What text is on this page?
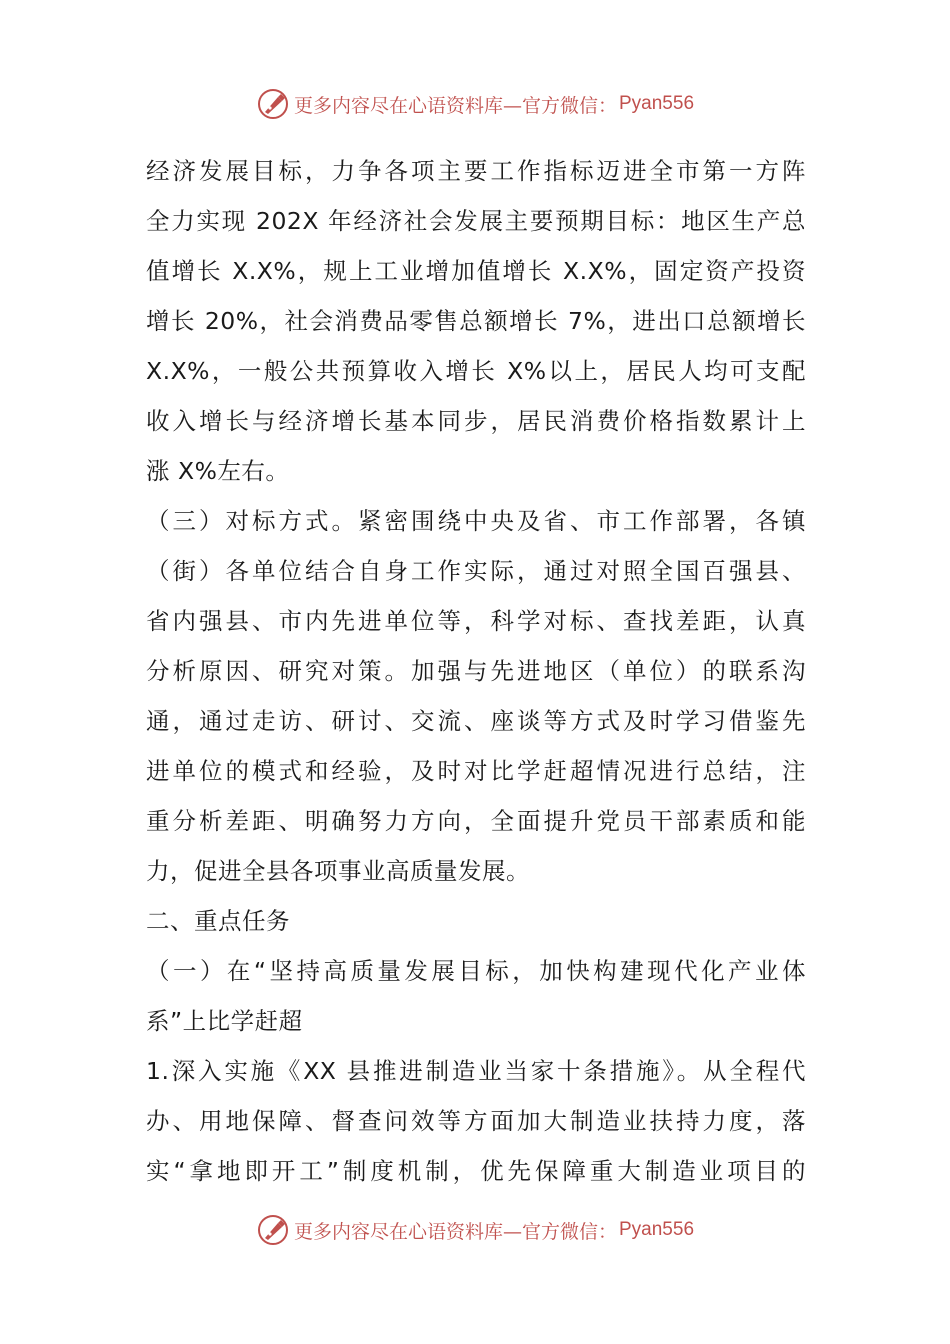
更多内容尽在心语资料库—官方微信： Pyan556
经济发展目标，力争各项主要工作指标迈进全市第一方阵
全力实现 202X 年经济社会发展主要预期目标：地区生产总
值增长 X.X%，规上工业增加值增长 X.X%，固定资产投资
增长 20%，社会消费品零售总额增长 7%，进出口总额增长
X.X%，一般公共预算收入增长 X%以上，居民人均可支配
收入增长与经济增长基本同步，居民消费价格指数累计上
涨 X%左右。
（三）对标方式。紧密围绕中央及省、市工作部署，各镇
（街）各单位结合自身工作实际，通过对照全国百强县、
省内强县、市内先进单位等，科学对标、查找差距，认真
分析原因、研究对策。加强与先进地区（单位）的联系沟
通，通过走访、研讨、交流、座谈等方式及时学习借鉴先
进单位的模式和经验，及时对比学赶超情况进行总结，注
重分析差距、明确努力方向，全面提升党员干部素质和能
力，促进全县各项事业高质量发展。
二、重点任务
（一）在“坚持高质量发展目标，加快构建现代化产业体
系”上比学赶超
1.深入实施《XX 县推进制造业当家十条措施》。从全程代
办、用地保障、督查问效等方面加大制造业扶持力度，落
实“拿地即开工”制度机制，优先保障重大制造业项目的
更多内容尽在心语资料库—官方微信： Pyan556
